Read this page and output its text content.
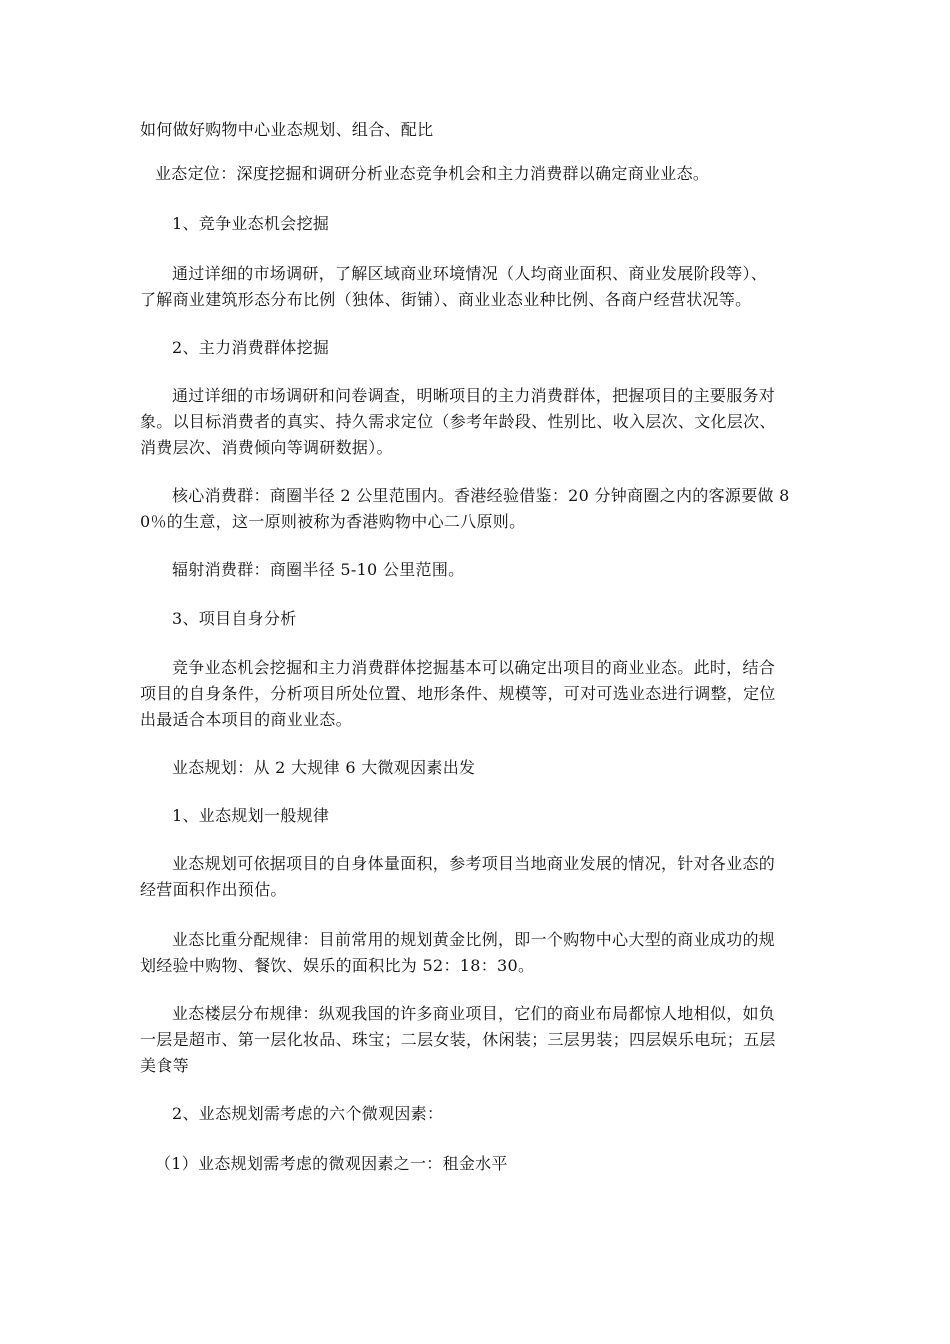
如何做好购物中心业态规划、组合、配比
业态定位：深度挖掘和调研分析业态竞争机会和主力消费群以确定商业业态。
1、竞争业态机会挖掘
通过详细的市场调研，了解区域商业环境情况（人均商业面积、商业发展阶段等）、
了解商业建筑形态分布比例（独体、街铺）、商业业态业种比例、各商户经营状况等。
2、主力消费群体挖掘
通过详细的市场调研和问卷调查，明晰项目的主力消费群体，把握项目的主要服务对
象。以目标消费者的真实、持久需求定位（参考年龄段、性别比、收入层次、文化层次、
消费层次、消费倾向等调研数据）。
核心消费群：商圈半径 2 公里范围内。香港经验借鉴：20 分钟商圈之内的客源要做 8
0％的生意，这一原则被称为香港购物中心二八原则。
辐射消费群：商圈半径 5-10 公里范围。
3、项目自身分析
竞争业态机会挖掘和主力消费群体挖掘基本可以确定出项目的商业业态。此时，结合
项目的自身条件，分析项目所处位置、地形条件、规模等，可对可选业态进行调整，定位
出最适合本项目的商业业态。
业态规划：从 2 大规律 6 大微观因素出发
1、业态规划一般规律
业态规划可依据项目的自身体量面积，参考项目当地商业发展的情况，针对各业态的
经营面积作出预估。
业态比重分配规律：目前常用的规划黄金比例，即一个购物中心大型的商业成功的规
划经验中购物、餐饮、娱乐的面积比为 52：18：30。
业态楼层分布规律：纵观我国的许多商业项目，它们的商业布局都惊人地相似，如负
一层是超市、第一层化妆品、珠宝；二层女装，休闲装；三层男装；四层娱乐电玩；五层
美食等
2、业态规划需考虑的六个微观因素：
（1）业态规划需考虑的微观因素之一：租金水平
